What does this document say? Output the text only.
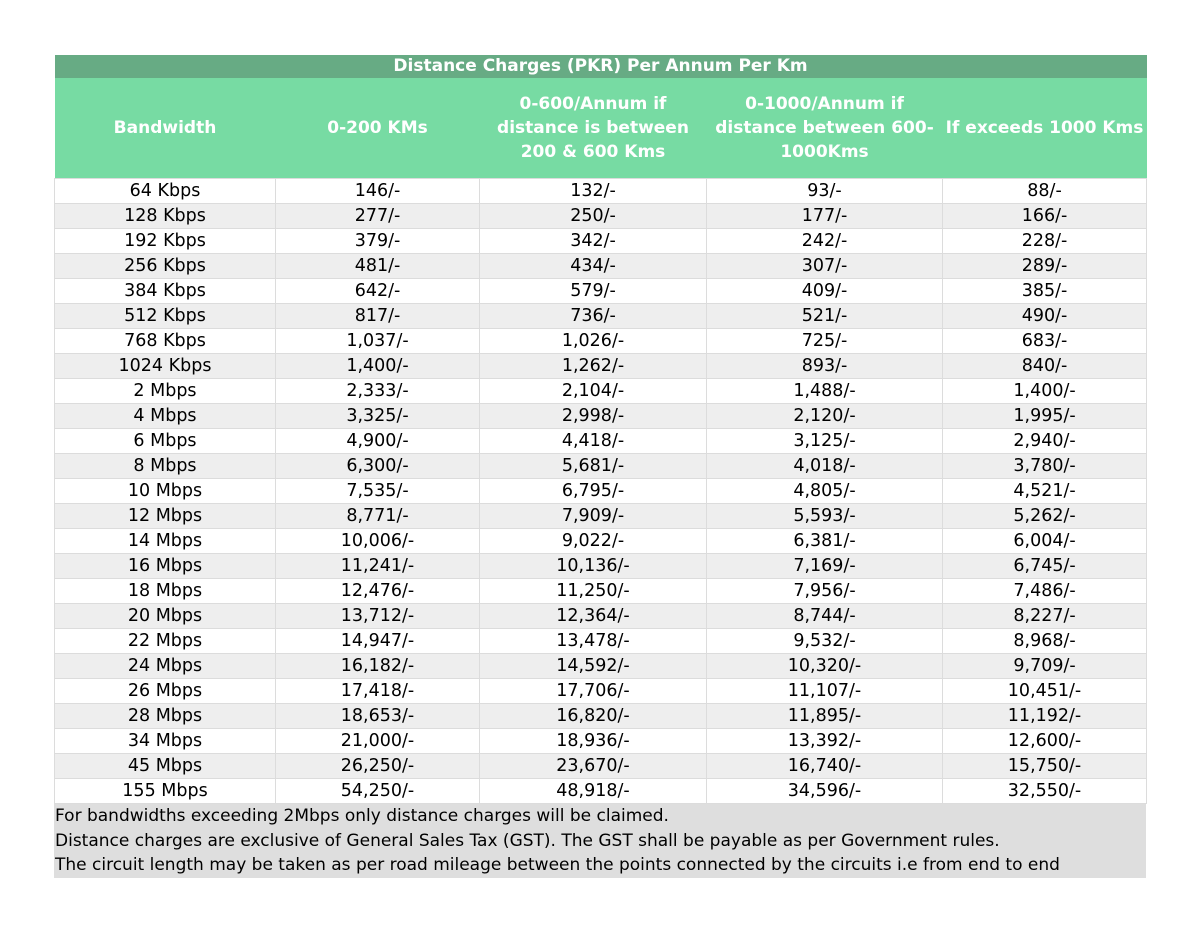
Distance Charges (PKR) Per Annum Per Km				
Bandwidth	0-200 KMs	0-600/Annum if distance is between 200 & 600 Kms	0-1000/Annum if distance between 600-1000Kms	If exceeds 1000 Kms
64 Kbps	146/-	132/-	93/-	88/-
128 Kbps	277/-	250/-	177/-	166/-
192 Kbps	379/-	342/-	242/-	228/-
256 Kbps	481/-	434/-	307/-	289/-
384 Kbps	642/-	579/-	409/-	385/-
512 Kbps	817/-	736/-	521/-	490/-
768 Kbps	1,037/-	1,026/-	725/-	683/-
1024 Kbps	1,400/-	1,262/-	893/-	840/-
2 Mbps	2,333/-	2,104/-	1,488/-	1,400/-
4 Mbps	3,325/-	2,998/-	2,120/-	1,995/-
6 Mbps	4,900/-	4,418/-	3,125/-	2,940/-
8 Mbps	6,300/-	5,681/-	4,018/-	3,780/-
10 Mbps	7,535/-	6,795/-	4,805/-	4,521/-
12 Mbps	8,771/-	7,909/-	5,593/-	5,262/-
14 Mbps	10,006/-	9,022/-	6,381/-	6,004/-
16 Mbps	11,241/-	10,136/-	7,169/-	6,745/-
18 Mbps	12,476/-	11,250/-	7,956/-	7,486/-
20 Mbps	13,712/-	12,364/-	8,744/-	8,227/-
22 Mbps	14,947/-	13,478/-	9,532/-	8,968/-
24 Mbps	16,182/-	14,592/-	10,320/-	9,709/-
26 Mbps	17,418/-	17,706/-	11,107/-	10,451/-
28 Mbps	18,653/-	16,820/-	11,895/-	11,192/-
34 Mbps	21,000/-	18,936/-	13,392/-	12,600/-
45 Mbps	26,250/-	23,670/-	16,740/-	15,750/-
155 Mbps	54,250/-	48,918/-	34,596/-	32,550/-
For bandwidths exceeding 2Mbps only distance charges will be claimed.
Distance charges are exclusive of General Sales Tax (GST). The GST shall be payable as per Government rules.
The circuit length may be taken as per road mileage between the points connected by the circuits i.e from end to end
